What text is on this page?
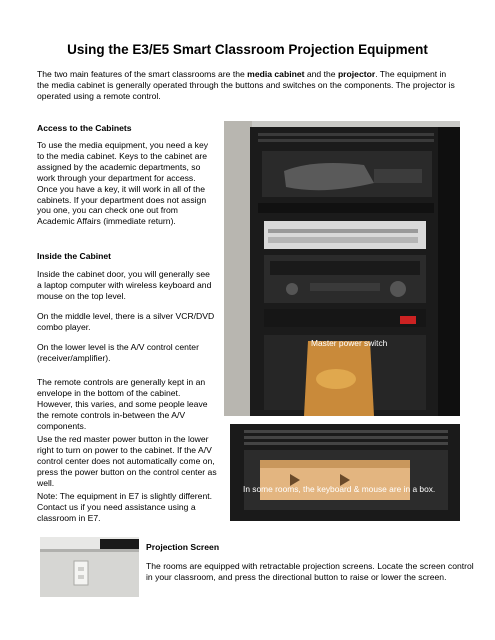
Using the E3/E5 Smart Classroom Projection Equipment

The two main features of the smart classrooms are the media cabinet and the projector. The equipment in the media cabinet is generally operated through the buttons and switches on the components. The projector is operated using a remote control.

Access to the Cabinets

To use the media equipment, you need a key to the media cabinet. Keys to the cabinet are assigned by the academic departments, so work through your department for access. Once you have a key, it will work in all of the cabinets. If your department does not assign you one, you can check one out from Academic Affairs (immediate return).

Inside the Cabinet

Inside the cabinet door, you will generally see a laptop computer with wireless keyboard and mouse on the top level.

On the middle level, there is a silver VCR/DVD combo player.

On the lower level is the A/V control center (receiver/amplifier).

The remote controls are generally kept in an envelope in the bottom of the cabinet. However, this varies, and some people leave the remote controls in-between the A/V components.

Use the red master power button in the lower right to turn on power to the cabinet. If the A/V control center does not automatically come on, press the power button on the control center as well.

Note: The equipment in E7 is slightly different. Contact us if you need assistance using a classroom in E7.

Master power switch
In some rooms, the keyboard & mouse are in a box.

Projection Screen

The rooms are equipped with retractable projection screens. Locate the screen control in your classroom, and press the directional button to raise or lower the screen.
